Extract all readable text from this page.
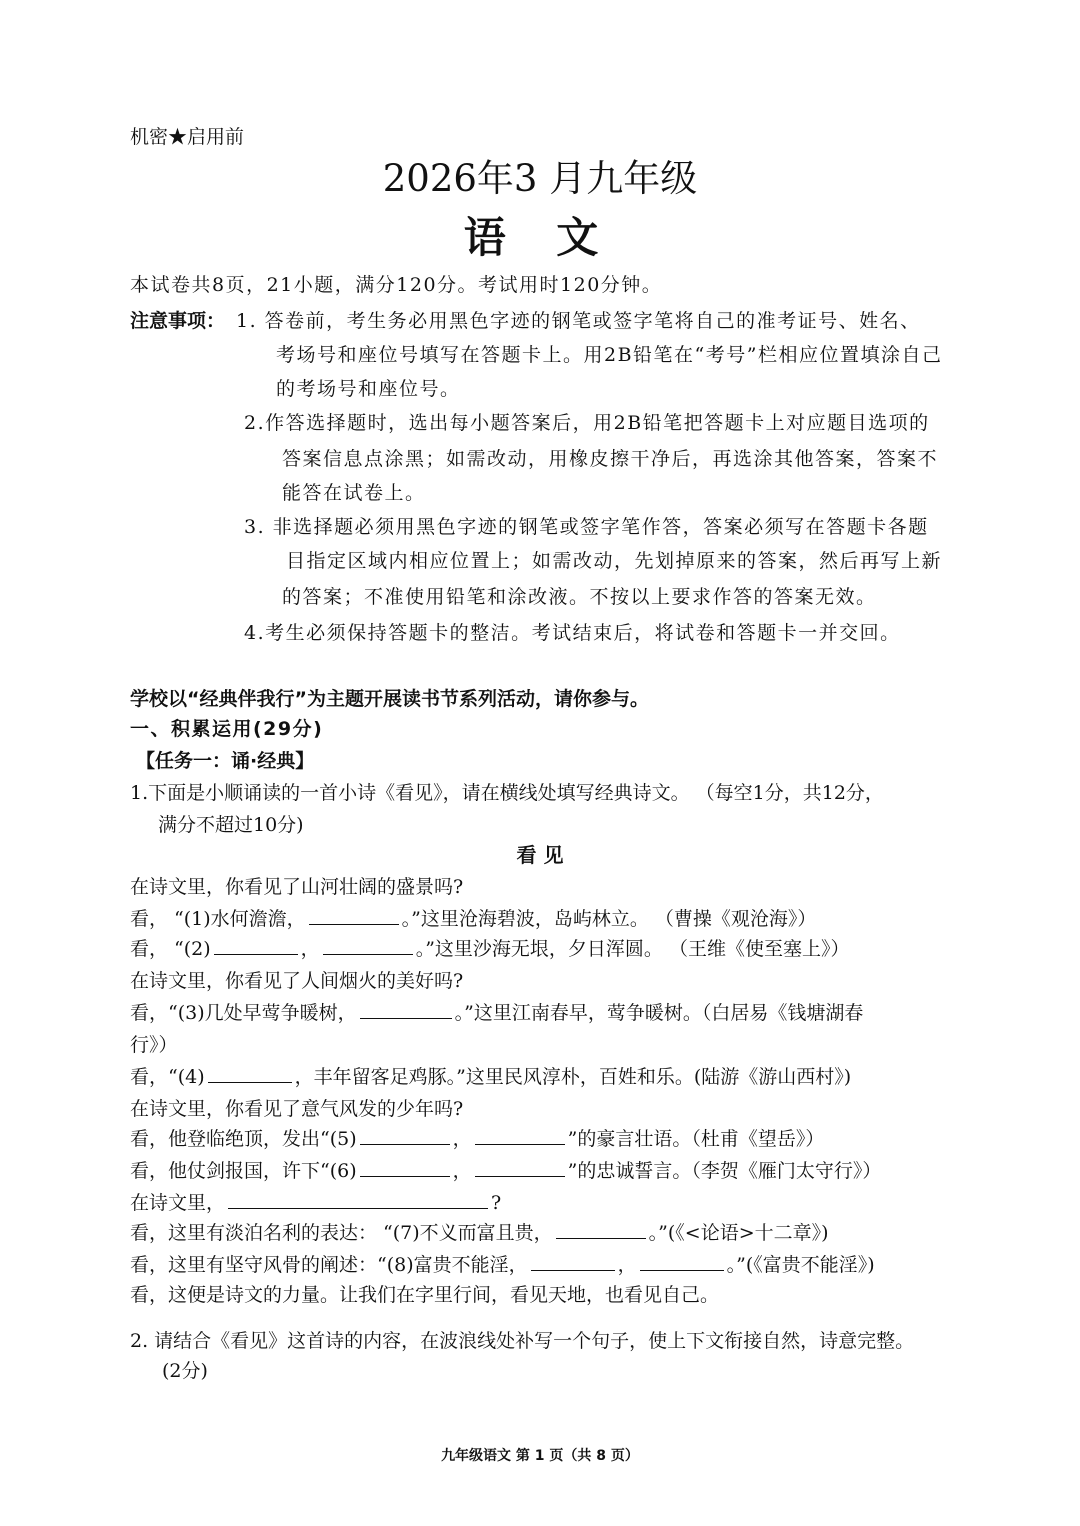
机密★启用前
2026年3 月九年级
语 文
本试卷共8页，21小题，满分120分。考试用时120分钟。
注意事项： 1. 答卷前，考生务必用黑色字迹的钢笔或签字笔将自己的准考证号、姓名、
考场号和座位号填写在答题卡上。用2B铅笔在“考号”栏相应位置填涂自己
的考场号和座位号。
2.作答选择题时，选出每小题答案后，用2B铅笔把答题卡上对应题目选项的
答案信息点涂黑；如需改动，用橡皮擦干净后，再选涂其他答案，答案不
能答在试卷上。
3. 非选择题必须用黑色字迹的钢笔或签字笔作答，答案必须写在答题卡各题
目指定区域内相应位置上；如需改动，先划掉原来的答案，然后再写上新
的答案；不准使用铅笔和涂改液。不按以上要求作答的答案无效。
4.考生必须保持答题卡的整洁。考试结束后，将试卷和答题卡一并交回。
学校以“经典伴我行”为主题开展读书节系列活动，请你参与。
一、积累运用(29分)
【任务一：诵·经典】
1.下面是小顺诵读的一首小诗《看见》，请在横线处填写经典诗文。 （每空1分，共12分，
满分不超过10分)
看 见
在诗文里，你看见了山河壮阔的盛景吗?
看， “(1)水何澹澹，	。”这里沧海碧波，岛屿林立。 （曹操《观沧海》）
看， “(2)	，	。”这里沙海无垠，夕日浑圆。 （王维《使至塞上》）
在诗文里，你看见了人间烟火的美好吗?
看，“(3)几处早莺争暖树，	。”这里江南春早，莺争暖树。（白居易《钱塘湖春
行》）
看，“(4)	，丰年留客足鸡豚。”这里民风淳朴，百姓和乐。(陆游《游山西村》)
在诗文里，你看见了意气风发的少年吗?
看，他登临绝顶，发出“(5)	，	”的豪言壮语。（杜甫《望岳》）
看，他仗剑报国，许下“(6)	，	”的忠诚誓言。（李贺《雁门太守行》）
在诗文里，	?
看，这里有淡泊名利的表达： “(7)不义而富且贵，	。”(《<论语>十二章》)
看，这里有坚守风骨的阐述：“(8)富贵不能淫，	，	。”(《富贵不能淫》)
看，这便是诗文的力量。让我们在字里行间，看见天地，也看见自己。
2. 请结合《看见》这首诗的内容，在波浪线处补写一个句子，使上下文衔接自然，诗意完整。
(2分)
九年级语文 第 1 页（共 8 页）
